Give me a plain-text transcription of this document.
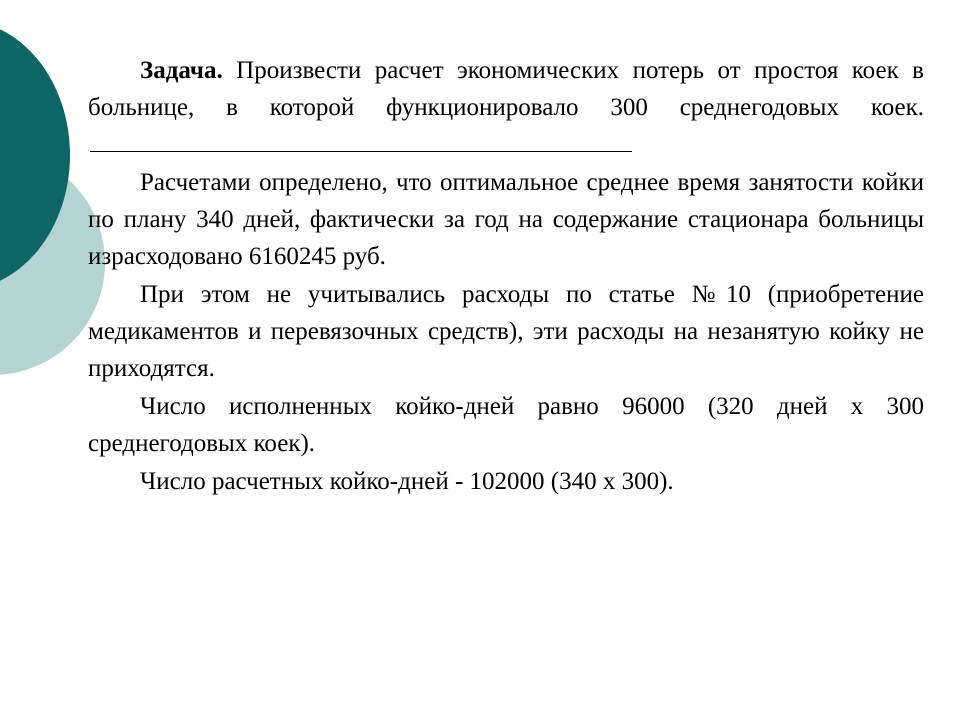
Задача. Произвести расчет экономических потерь от простоя коек в больнице, в которой функционировало 300 среднегодовых коек.

Расчетами определено, что оптимальное среднее время занятости койки по плану 340 дней, фактически за год на содержание стационара больницы израсходовано 6160245 руб.

При этом не учитывались расходы по статье №10 (приобретение медикаментов и перевязочных средств), эти расходы на незанятую койку не приходятся.

Число исполненных койко-дней равно 96000 (320 дней х 300 среднегодовых коек).

Число расчетных койко-дней - 102000 (340 х 300).
